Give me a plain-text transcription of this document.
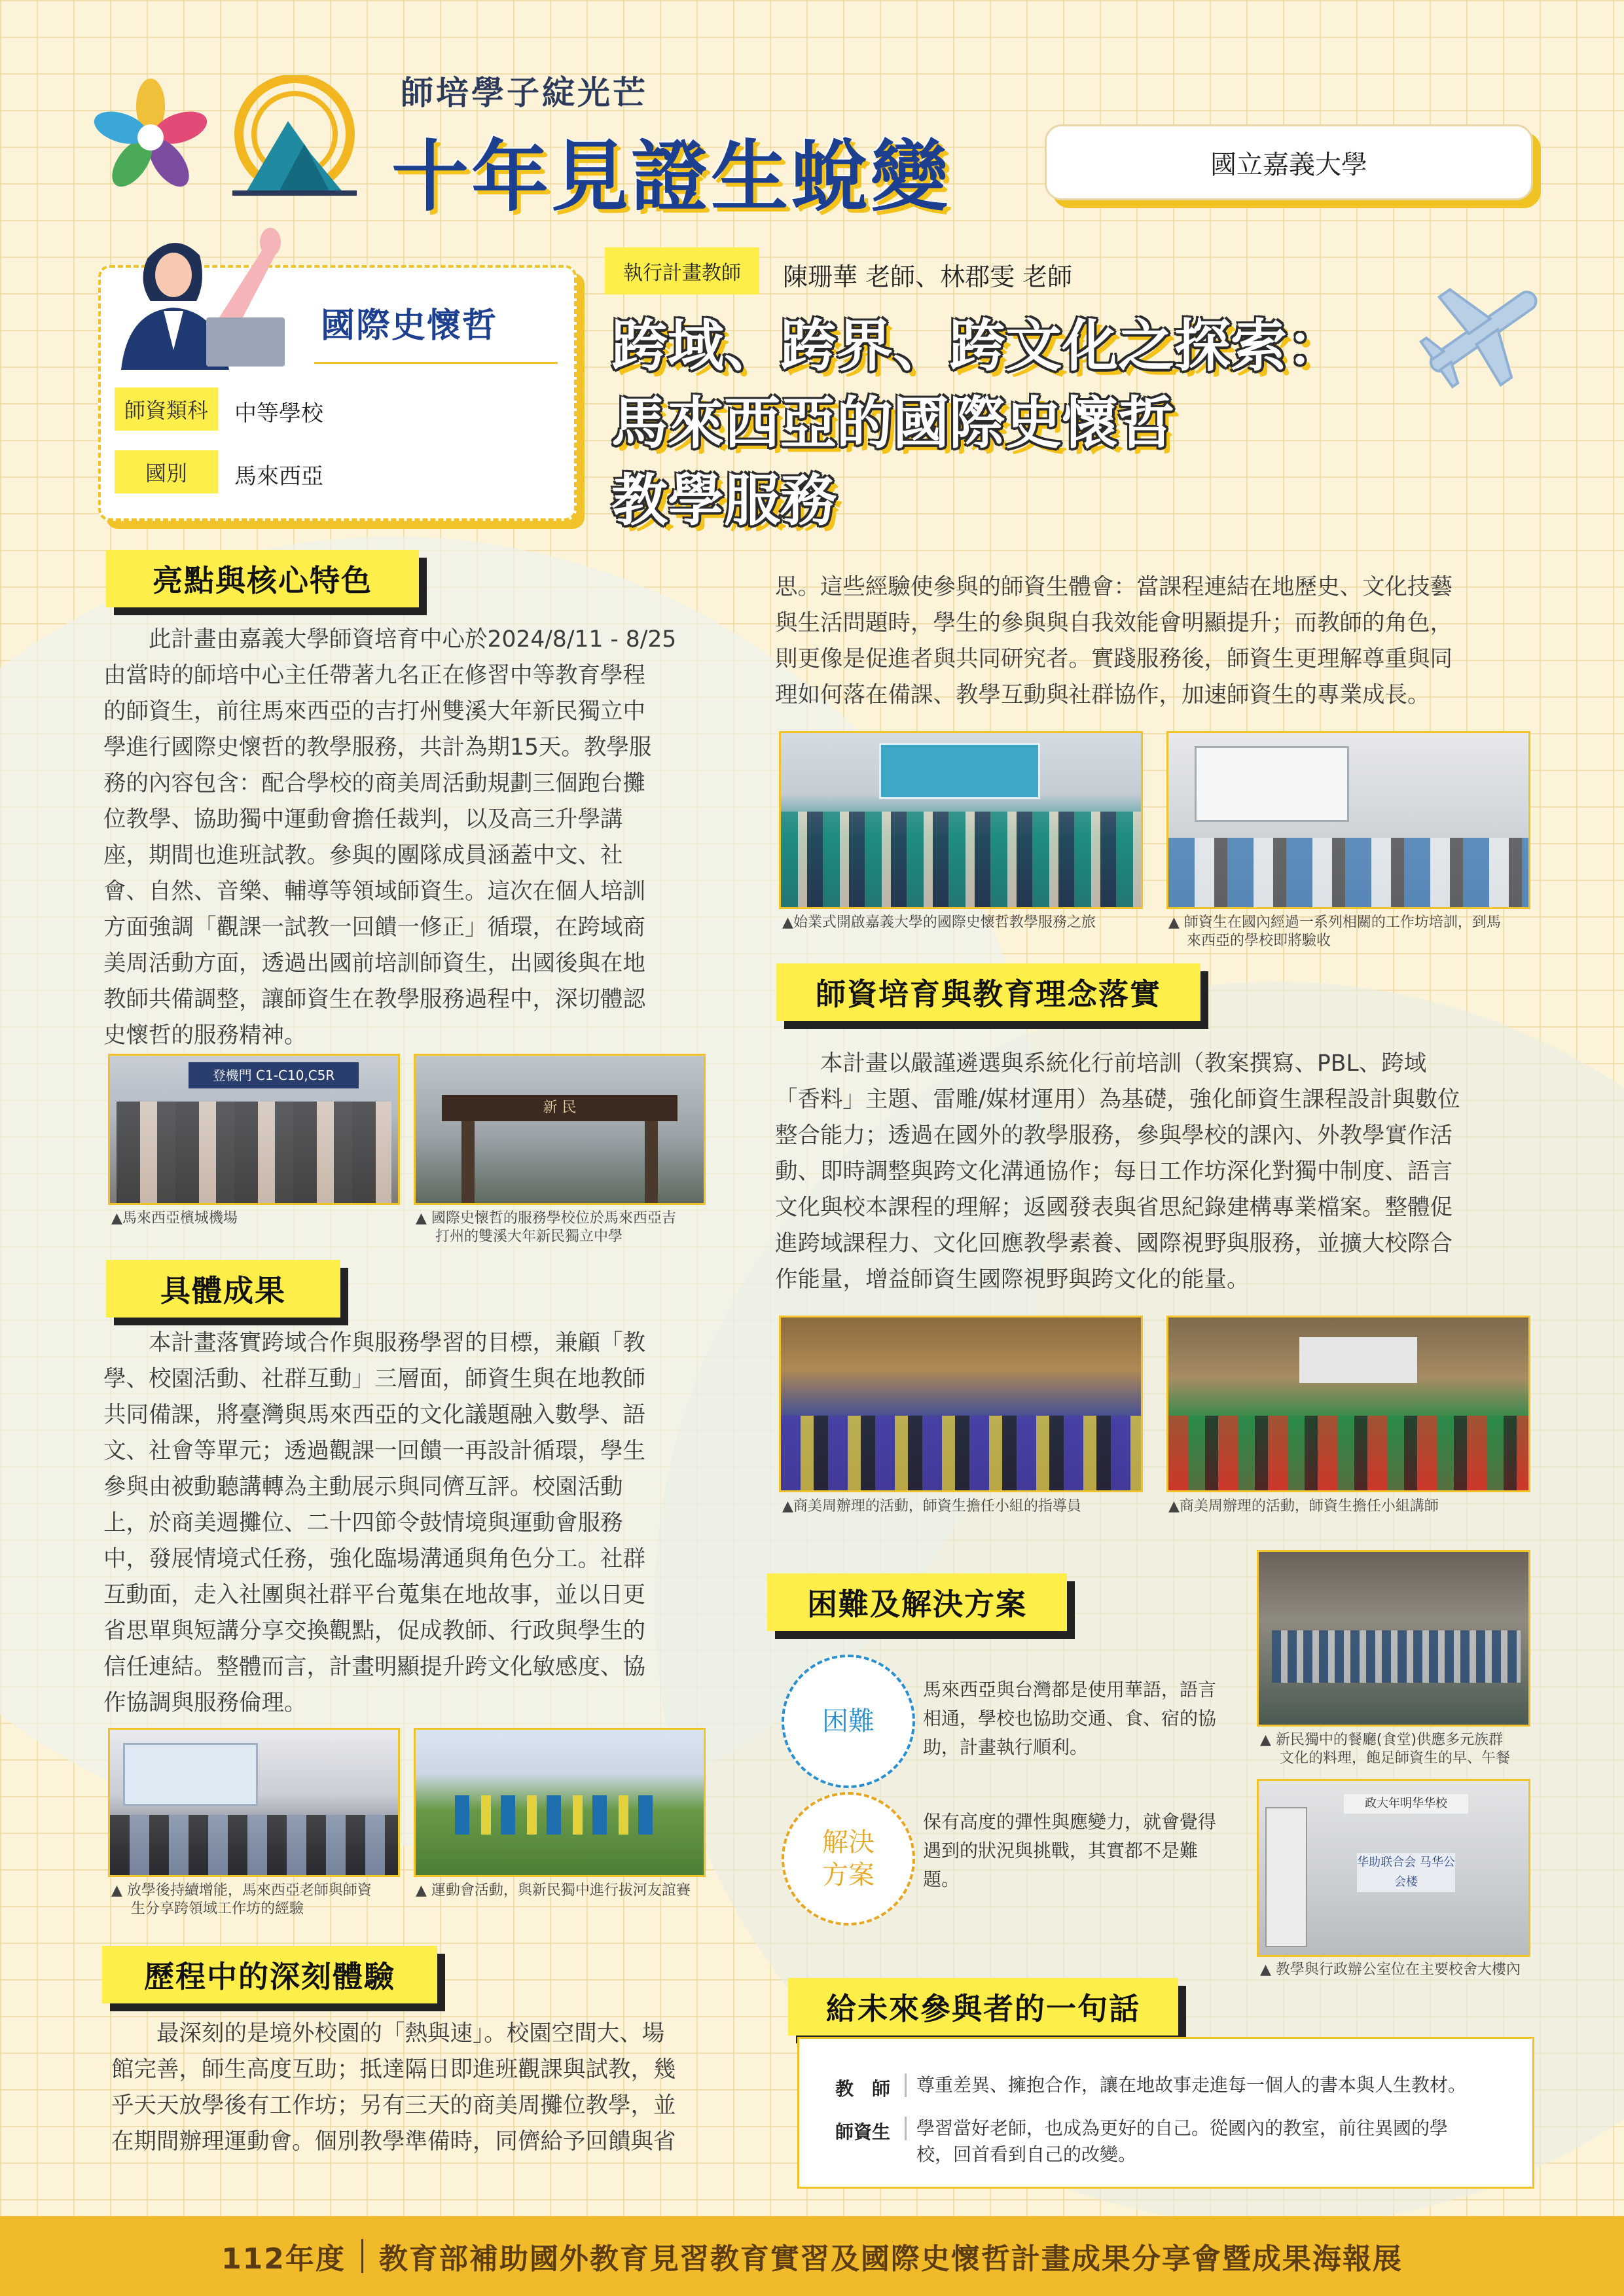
師培學子綻光芒
十年見證生蛻變	國立嘉義大學
國際史懷哲
師資類科	中等學校
國別	馬來西亞
執行計畫教師	陳珊華 老師、林郡雯 老師
跨域、跨界、跨文化之探索：
馬來西亞的國際史懷哲
教學服務
亮點與核心特色
此計畫由嘉義大學師資培育中心於2024/8/11 - 8/25
由當時的師培中心主任帶著九名正在修習中等教育學程
的師資生，前往馬來西亞的吉打州雙溪大年新民獨立中
學進行國際史懷哲的教學服務，共計為期15天。教學服
務的內容包含：配合學校的商美周活動規劃三個跑台攤
位教學、協助獨中運動會擔任裁判，以及高三升學講
座，期間也進班試教。參與的團隊成員涵蓋中文、社
會、自然、音樂、輔導等領域師資生。這次在個人培訓
方面強調「觀課一試教一回饋一修正」循環，在跨域商
美周活動方面，透過出國前培訓師資生，出國後與在地
教師共備調整，讓師資生在教學服務過程中，深切體認
史懷哲的服務精神。
登機門 C1-C10,C5R
新 民
▲馬來西亞檳城機場	▲ 國際史懷哲的服務學校位於馬來西亞吉
打州的雙溪大年新民獨立中學
具體成果
本計畫落實跨域合作與服務學習的目標，兼顧「教
學、校園活動、社群互動」三層面，師資生與在地教師
共同備課，將臺灣與馬來西亞的文化議題融入數學、語
文、社會等單元；透過觀課一回饋一再設計循環，學生
參與由被動聽講轉為主動展示與同儕互評。校園活動
上，於商美週攤位、二十四節令鼓情境與運動會服務
中，發展情境式任務，強化臨場溝通與角色分工。社群
互動面，走入社團與社群平台蒐集在地故事，並以日更
省思單與短講分享交換觀點，促成教師、行政與學生的
信任連結。整體而言，計畫明顯提升跨文化敏感度、協
作協調與服務倫理。
▲ 放學後持續增能，馬來西亞老師與師資
生分享跨領域工作坊的經驗
▲ 運動會活動，與新民獨中進行拔河友誼賽
歷程中的深刻體驗
最深刻的是境外校園的「熱與速」。校園空間大、場
館完善，師生高度互助；抵達隔日即進班觀課與試教，幾
乎天天放學後有工作坊；另有三天的商美周攤位教學，並
在期間辦理運動會。個別教學準備時，同儕給予回饋與省
思。這些經驗使參與的師資生體會：當課程連結在地歷史、文化技藝
與生活問題時，學生的參與與自我效能會明顯提升；而教師的角色，
則更像是促進者與共同研究者。實踐服務後，師資生更理解尊重與同
理如何落在備課、教學互動與社群協作，加速師資生的專業成長。
▲始業式開啟嘉義大學的國際史懷哲教學服務之旅	▲ 師資生在國內經過一系列相關的工作坊培訓，到馬
來西亞的學校即將驗收
師資培育與教育理念落實
本計畫以嚴謹遴選與系統化行前培訓（教案撰寫、PBL、跨域
「香料」主題、雷雕/媒材運用）為基礎，強化師資生課程設計與數位
整合能力；透過在國外的教學服務，參與學校的課內、外教學實作活
動、即時調整與跨文化溝通協作；每日工作坊深化對獨中制度、語言
文化與校本課程的理解；返國發表與省思紀錄建構專業檔案。整體促
進跨域課程力、文化回應教學素養、國際視野與服務，並擴大校際合
作能量，增益師資生國際視野與跨文化的能量。
▲商美周辦理的活動，師資生擔任小組的指導員	▲商美周辦理的活動，師資生擔任小組講師
困難及解決方案
困難
馬來西亞與台灣都是使用華語，語言
相通，學校也協助交通、食、宿的協
助，計畫執行順利。
解決
方案
保有高度的彈性與應變力，就會覺得
遇到的狀況與挑戰，其實都不是難
題。
▲ 新民獨中的餐廳(食堂)供應多元族群
文化的料理，飽足師資生的早、午餐
政大年明华华校
华助联合会 马华公会楼
▲ 教學與行政辦公室位在主要校舍大樓內
給未來參與者的一句話
教　師 尊重差異、擁抱合作，讓在地故事走進每一個人的書本與人生教材。
師資生 學習當好老師，也成為更好的自己。從國內的教室，前往異國的學
校，回首看到自己的改變。
112年度 教育部補助國外教育見習教育實習及國際史懷哲計畫成果分享會暨成果海報展
